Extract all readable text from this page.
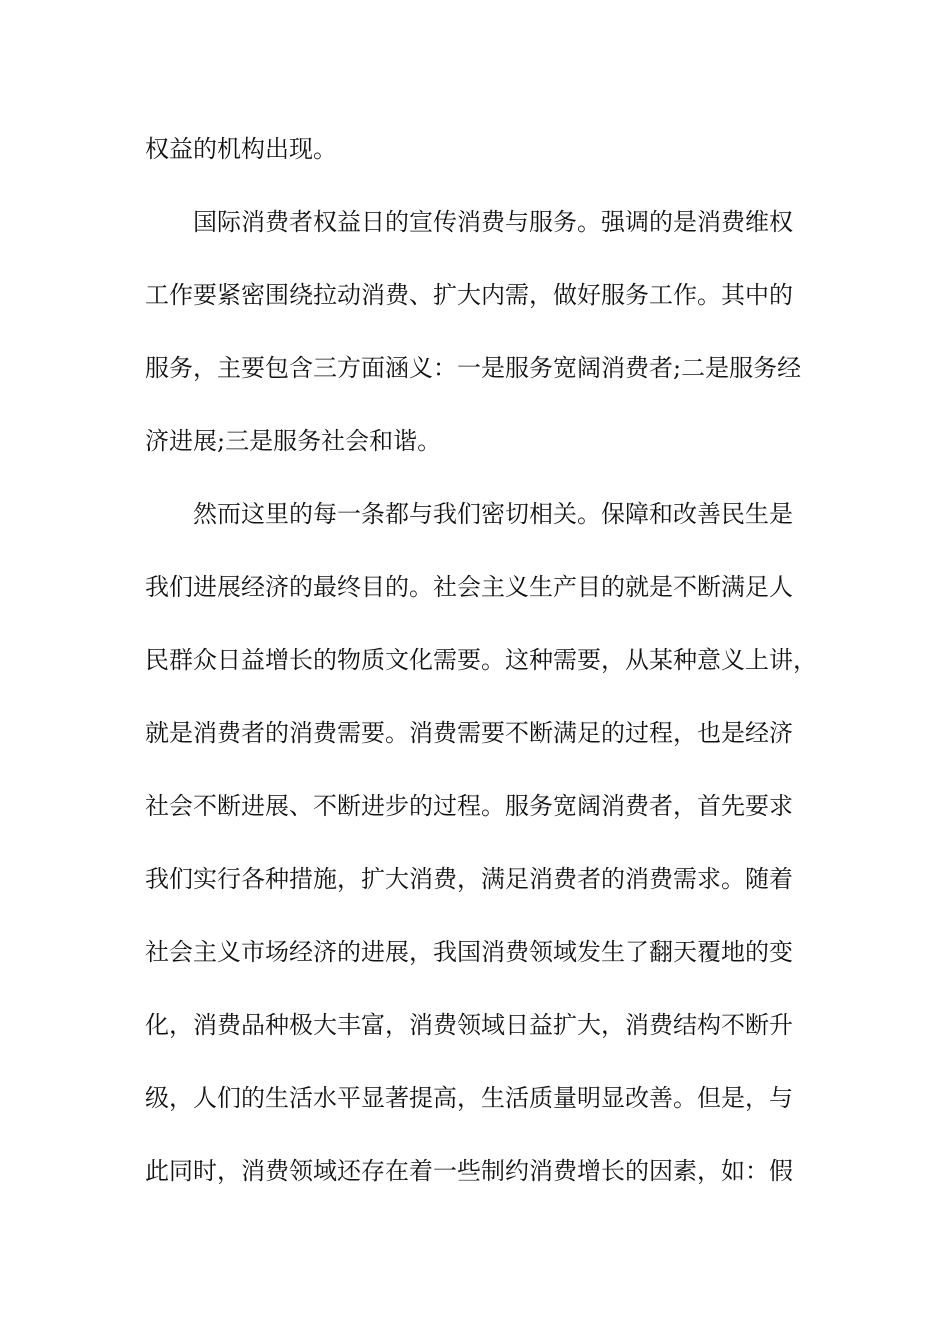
权益的机构出现。
国际消费者权益日的宣传消费与服务。强调的是消费维权
工作要紧密围绕拉动消费、扩大内需，做好服务工作。其中的
服务，主要包含三方面涵义：一是服务宽阔消费者;二是服务经
济进展;三是服务社会和谐。
然而这里的每一条都与我们密切相关。保障和改善民生是
我们进展经济的最终目的。社会主义生产目的就是不断满足人
民群众日益增长的物质文化需要。这种需要，从某种意义上讲，
就是消费者的消费需要。消费需要不断满足的过程，也是经济
社会不断进展、不断进步的过程。服务宽阔消费者，首先要求
我们实行各种措施，扩大消费，满足消费者的消费需求。随着
社会主义市场经济的进展，我国消费领域发生了翻天覆地的变
化，消费品种极大丰富，消费领域日益扩大，消费结构不断升
级，人们的生活水平显著提高，生活质量明显改善。但是，与
此同时，消费领域还存在着一些制约消费增长的因素，如：假
